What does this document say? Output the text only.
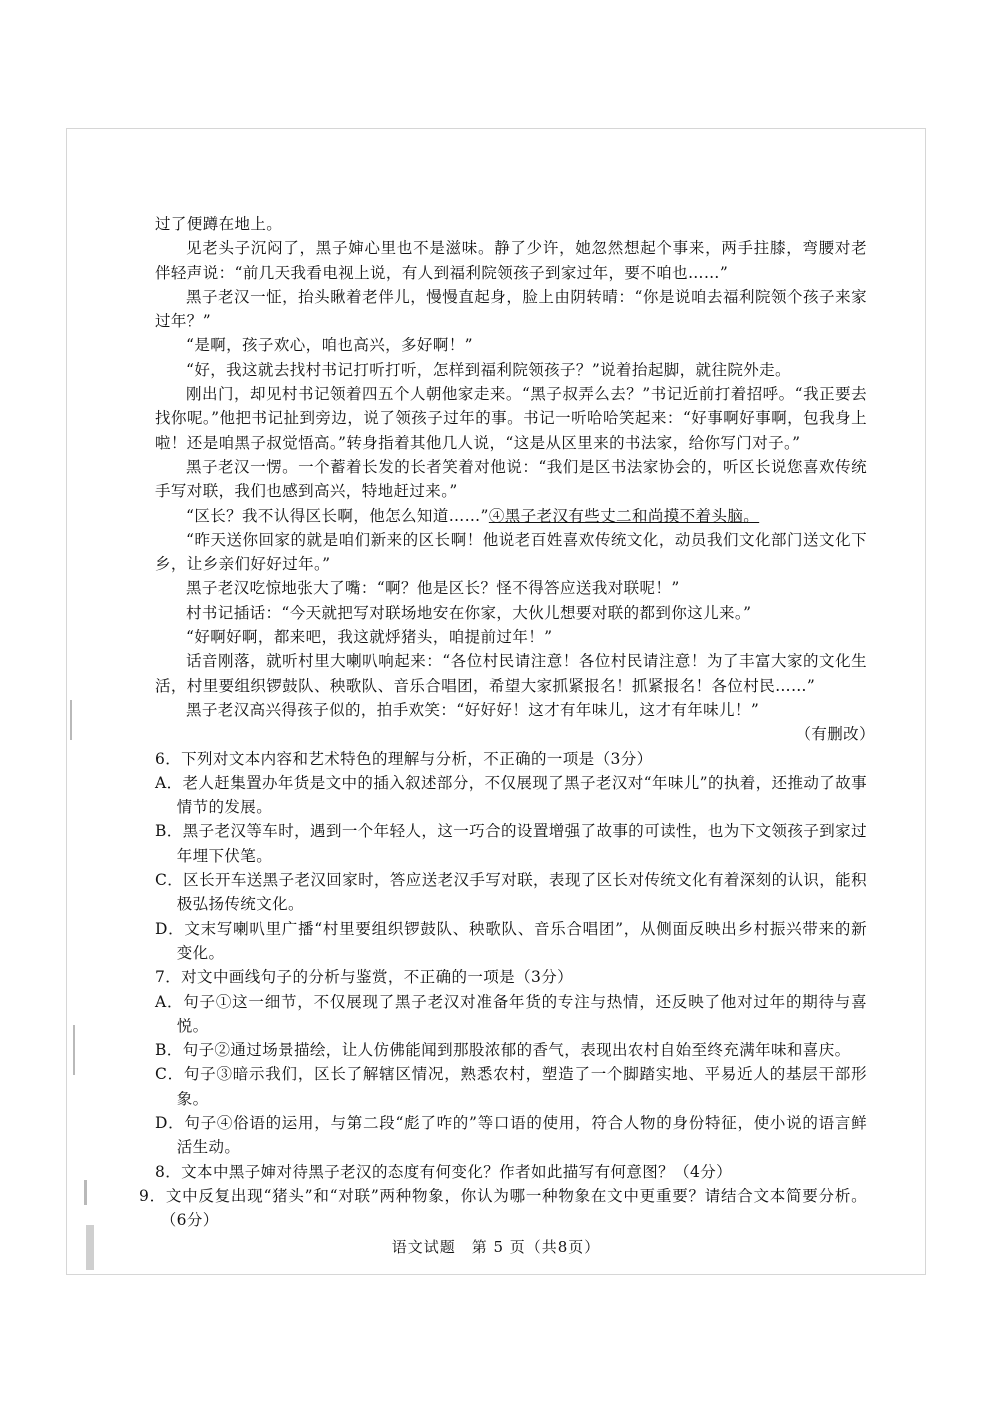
过了便蹲在地上。

见老头子沉闷了，黑子婶心里也不是滋味。静了少许，她忽然想起个事来，两手拄膝，弯腰对老伴轻声说：“前几天我看电视上说，有人到福利院领孩子到家过年，要不咱也……”

黑子老汉一怔，抬头瞅着老伴儿，慢慢直起身，脸上由阴转晴：“你是说咱去福利院领个孩子来家过年？”

“是啊，孩子欢心，咱也高兴，多好啊！”

“好，我这就去找村书记打听打听，怎样到福利院领孩子？”说着抬起脚，就往院外走。

刚出门，却见村书记领着四五个人朝他家走来。“黑子叔弄么去？”书记近前打着招呼。“我正要去找你呢。”他把书记扯到旁边，说了领孩子过年的事。书记一听哈哈笑起来：“好事啊好事啊，包我身上啦！还是咱黑子叔觉悟高。”转身指着其他几人说，“这是从区里来的书法家，给你写门对子。”

黑子老汉一愣。一个蓄着长发的长者笑着对他说：“我们是区书法家协会的，听区长说您喜欢传统手写对联，我们也感到高兴，特地赶过来。”

“区长？我不认得区长啊，他怎么知道……”④黑子老汉有些丈二和尚摸不着头脑。

“昨天送你回家的就是咱们新来的区长啊！他说老百姓喜欢传统文化，动员我们文化部门送文化下乡，让乡亲们好好过年。”

黑子老汉吃惊地张大了嘴：“啊？他是区长？怪不得答应送我对联呢！”

村书记插话：“今天就把写对联场地安在你家，大伙儿想要对联的都到你这儿来。”

“好啊好啊，都来吧，我这就烀猪头，咱提前过年！”

话音刚落，就听村里大喇叭响起来：“各位村民请注意！各位村民请注意！为了丰富大家的文化生活，村里要组织锣鼓队、秧歌队、音乐合唱团，希望大家抓紧报名！抓紧报名！各位村民……”

黑子老汉高兴得孩子似的，拍手欢笑：“好好好！这才有年味儿，这才有年味儿！”

（有删改）

6．下列对文本内容和艺术特色的理解与分析，不正确的一项是（3分）

A．老人赶集置办年货是文中的插入叙述部分，不仅展现了黑子老汉对“年味儿”的执着，还推动了故事情节的发展。

B．黑子老汉等车时，遇到一个年轻人，这一巧合的设置增强了故事的可读性，也为下文领孩子到家过年埋下伏笔。

C．区长开车送黑子老汉回家时，答应送老汉手写对联，表现了区长对传统文化有着深刻的认识，能积极弘扬传统文化。

D．文末写喇叭里广播“村里要组织锣鼓队、秧歌队、音乐合唱团”，从侧面反映出乡村振兴带来的新变化。

7．对文中画线句子的分析与鉴赏，不正确的一项是（3分）

A．句子①这一细节，不仅展现了黑子老汉对准备年货的专注与热情，还反映了他对过年的期待与喜悦。

B．句子②通过场景描绘，让人仿佛能闻到那股浓郁的香气，表现出农村自始至终充满年味和喜庆。

C．句子③暗示我们，区长了解辖区情况，熟悉农村，塑造了一个脚踏实地、平易近人的基层干部形象。

D．句子④俗语的运用，与第二段“彪了咋的”等口语的使用，符合人物的身份特征，使小说的语言鲜活生动。

8．文本中黑子婶对待黑子老汉的态度有何变化？作者如此描写有何意图？（4分）

9．文中反复出现“猪头”和“对联”两种物象，你认为哪一种物象在文中更重要？请结合文本简要分析。（6分）

语文试题　第 5 页（共8页）
